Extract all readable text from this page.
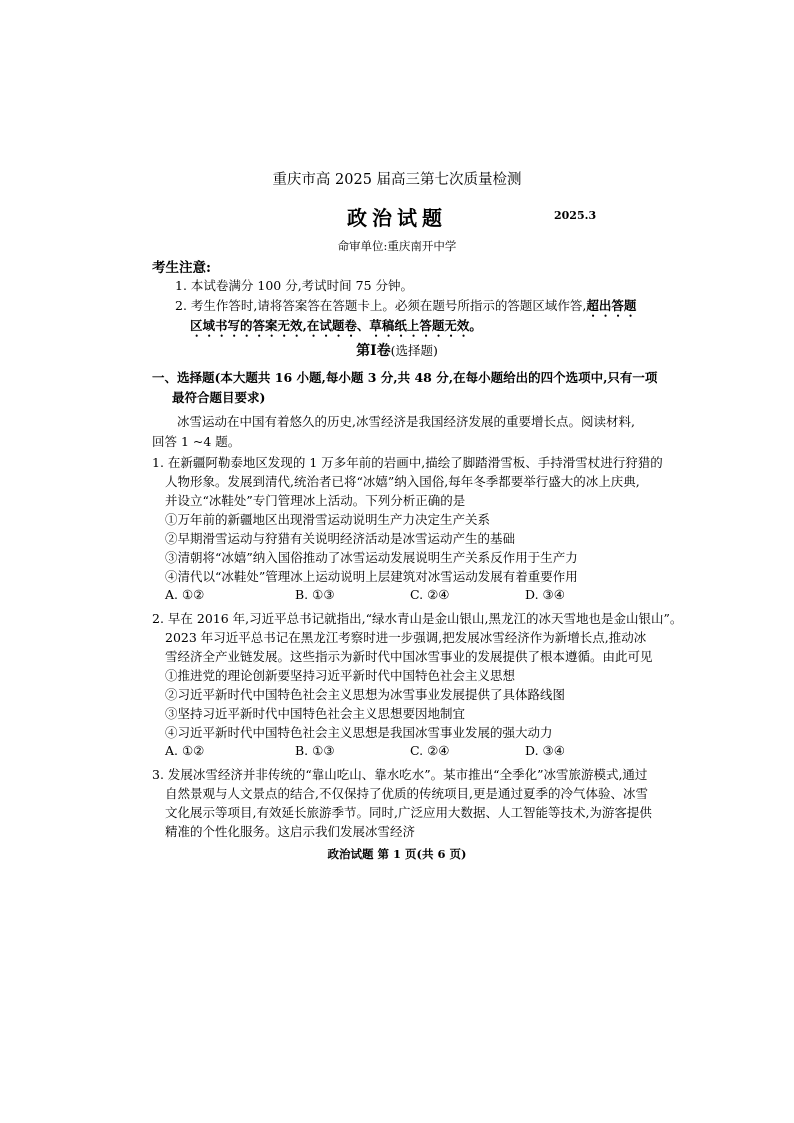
重庆市高 2025 届高三第七次质量检测
政治试题	2025.3
命审单位:重庆南开中学
考生注意:
1. 本试卷满分 100 分,考试时间 75 分钟。
2. 考生作答时,请将答案答在答题卡上。必须在题号所指示的答题区域作答,超出答题
区域书写的答案无效,在试题卷、草稿纸上答题无效。
第Ⅰ卷(选择题)
一、选择题(本大题共 16 小题,每小题 3 分,共 48 分,在每小题给出的四个选项中,只有一项
最符合题目要求)
冰雪运动在中国有着悠久的历史,冰雪经济是我国经济发展的重要增长点。阅读材料,
回答 1 ~4 题。
1. 在新疆阿勒泰地区发现的 1 万多年前的岩画中,描绘了脚踏滑雪板、手持滑雪杖进行狩猎的
人物形象。发展到清代,统治者已将“冰嬉”纳入国俗,每年冬季都要举行盛大的冰上庆典,
并设立“冰鞋处”专门管理冰上活动。下列分析正确的是
①万年前的新疆地区出现滑雪运动说明生产力决定生产关系
②早期滑雪运动与狩猎有关说明经济活动是冰雪运动产生的基础
③清朝将“冰嬉”纳入国俗推动了冰雪运动发展说明生产关系反作用于生产力
④清代以“冰鞋处”管理冰上运动说明上层建筑对冰雪运动发展有着重要作用
A. ①②	B. ①③	C. ②④	D. ③④
2. 早在 2016 年,习近平总书记就指出,“绿水青山是金山银山,黑龙江的冰天雪地也是金山银山”。
2023 年习近平总书记在黑龙江考察时进一步强调,把发展冰雪经济作为新增长点,推动冰
雪经济全产业链发展。这些指示为新时代中国冰雪事业的发展提供了根本遵循。由此可见
①推进党的理论创新要坚持习近平新时代中国特色社会主义思想
②习近平新时代中国特色社会主义思想为冰雪事业发展提供了具体路线图
③坚持习近平新时代中国特色社会主义思想要因地制宜
④习近平新时代中国特色社会主义思想是我国冰雪事业发展的强大动力
A. ①②	B. ①③	C. ②④	D. ③④
3. 发展冰雪经济并非传统的“靠山吃山、靠水吃水”。某市推出“全季化”冰雪旅游模式,通过
自然景观与人文景点的结合,不仅保持了优质的传统项目,更是通过夏季的冷气体验、冰雪
文化展示等项目,有效延长旅游季节。同时,广泛应用大数据、人工智能等技术,为游客提供
精准的个性化服务。这启示我们发展冰雪经济
政治试题 第 1 页(共 6 页)
